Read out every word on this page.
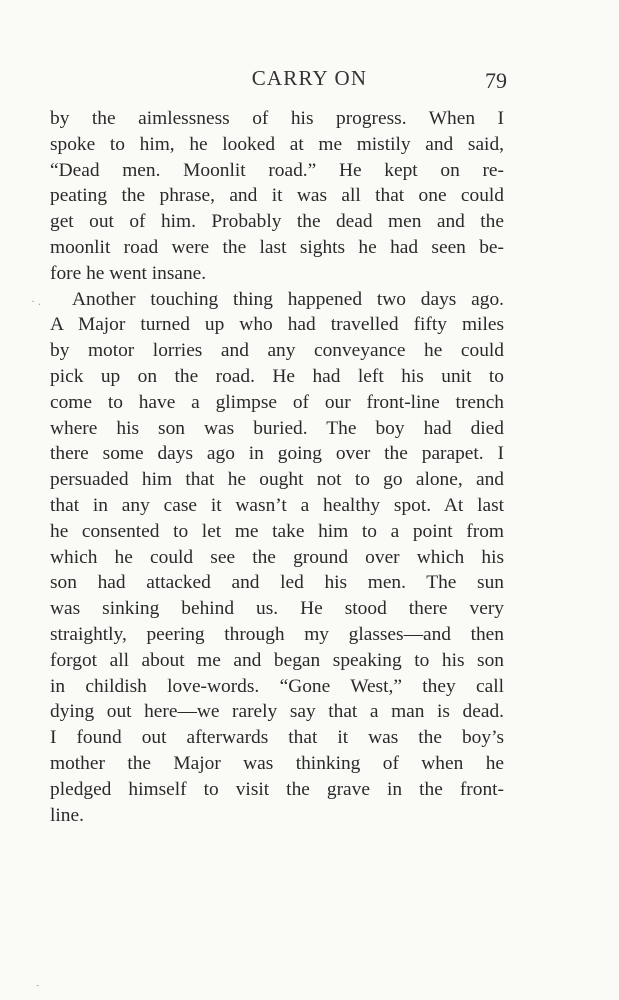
CARRY ON	79
· .
by the aimlessness of his progress. When I
spoke to him, he looked at me mistily and said,
“Dead men. Moonlit road.” He kept on re-
peating the phrase, and it was all that one could
get out of him. Probably the dead men and the
moonlit road were the last sights he had seen be-
fore he went insane.
Another touching thing happened two days ago.
A Major turned up who had travelled fifty miles
by motor lorries and any conveyance he could
pick up on the road. He had left his unit to
come to have a glimpse of our front-line trench
where his son was buried. The boy had died
there some days ago in going over the parapet. I
persuaded him that he ought not to go alone, and
that in any case it wasn’t a healthy spot. At last
he consented to let me take him to a point from
which he could see the ground over which his
son had attacked and led his men. The sun
was sinking behind us. He stood there very
straightly, peering through my glasses—and then
forgot all about me and began speaking to his son
in childish love-words. “Gone West,” they call
dying out here—we rarely say that a man is dead.
I found out afterwards that it was the boy’s
mother the Major was thinking of when he
pledged himself to visit the grave in the front-
line.
-
